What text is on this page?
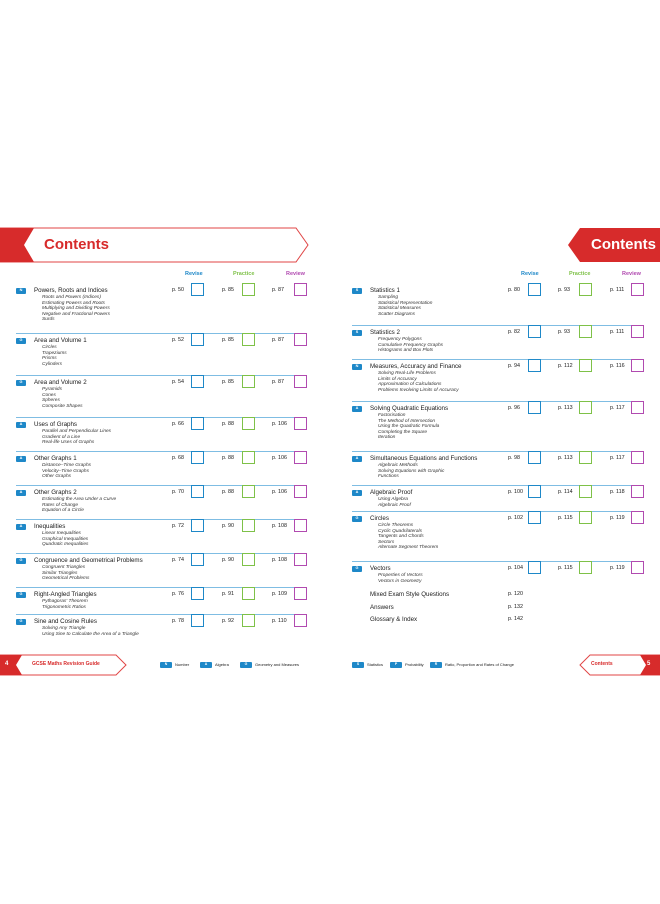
Contents	Contents
Revise	Practice	Review	Revise	Practice	Review
N	Powers, Roots and Indices
Roots and Powers (Indices)
Estimating Powers and Roots
Multiplying and Dividing Powers
Negative and Fractional Powers
Surds
p. 50	p. 85	p. 87
G	Area and Volume 1
Circles
Trapeziums
Prisms
Cylinders
p. 52	p. 85	p. 87
G	Area and Volume 2
Pyramids
Cones
Spheres
Composite Shapes
p. 54	p. 85	p. 87
A	Uses of Graphs
Parallel and Perpendicular Lines
Gradient of a Line
Real-life Uses of Graphs
p. 66	p. 88	p. 106
A	Other Graphs 1
Distance–Time Graphs
Velocity–Time Graphs
Other Graphs
p. 68	p. 88	p. 106
A	Other Graphs 2
Estimating the Area Under a Curve
Rates of Change
Equation of a Circle
p. 70	p. 88	p. 106
A	Inequalities
Linear Inequalities
Graphical Inequalities
Quadratic Inequalities
p. 72	p. 90	p. 108
G	Congruence and Geometrical Problems
Congruent Triangles
Similar Triangles
Geometrical Problems
p. 74	p. 90	p. 108
G	Right-Angled Triangles
Pythagoras' Theorem
Trigonometric Ratios
p. 76	p. 91	p. 109
G	Sine and Cosine Rules
Solving Any Triangle
Using Sine to Calculate the Area of a Triangle
p. 78	p. 92	p. 110
S	Statistics 1
Sampling
Statistical Representation
Statistical Measures
Scatter Diagrams
p. 80	p. 93	p. 111
S	Statistics 2
Frequency Polygons
Cumulative Frequency Graphs
Histograms and Box Plots
p. 82	p. 93	p. 111
N	Measures, Accuracy and Finance
Solving Real-Life Problems
Limits of Accuracy
Approximation of Calculations
Problems Involving Limits of Accuracy
p. 94	p. 112	p. 116
A	Solving Quadratic Equations
Factorisation
The Method of Intersection
Using the Quadratic Formula
Completing the Square
Iteration
p. 96	p. 113	p. 117
A	Simultaneous Equations and Functions
Algebraic Methods
Solving Equations with Graphic
Functions
p. 98	p. 113	p. 117
A	Algebraic Proof
Using Algebra
Algebraic Proof
p. 100	p. 114	p. 118
G	Circles
Circle Theorems
Cyclic Quadrilaterals
Tangents and Chords
Sectors
Alternate Segment Theorem
p. 102	p. 115	p. 119
G	Vectors
Properties of Vectors
Vectors in Geometry
p. 104	p. 115	p. 119
Mixed Exam Style Questions	p. 120
Answers	p. 132
Glossary & Index	p. 142
4	GCSE Maths Revision Guide	N	Number	A	Algebra	G	Geometry and Measures	Contents	5
S	Statistics	P	Probability	R	Ratio, Proportion and Rates of Change
